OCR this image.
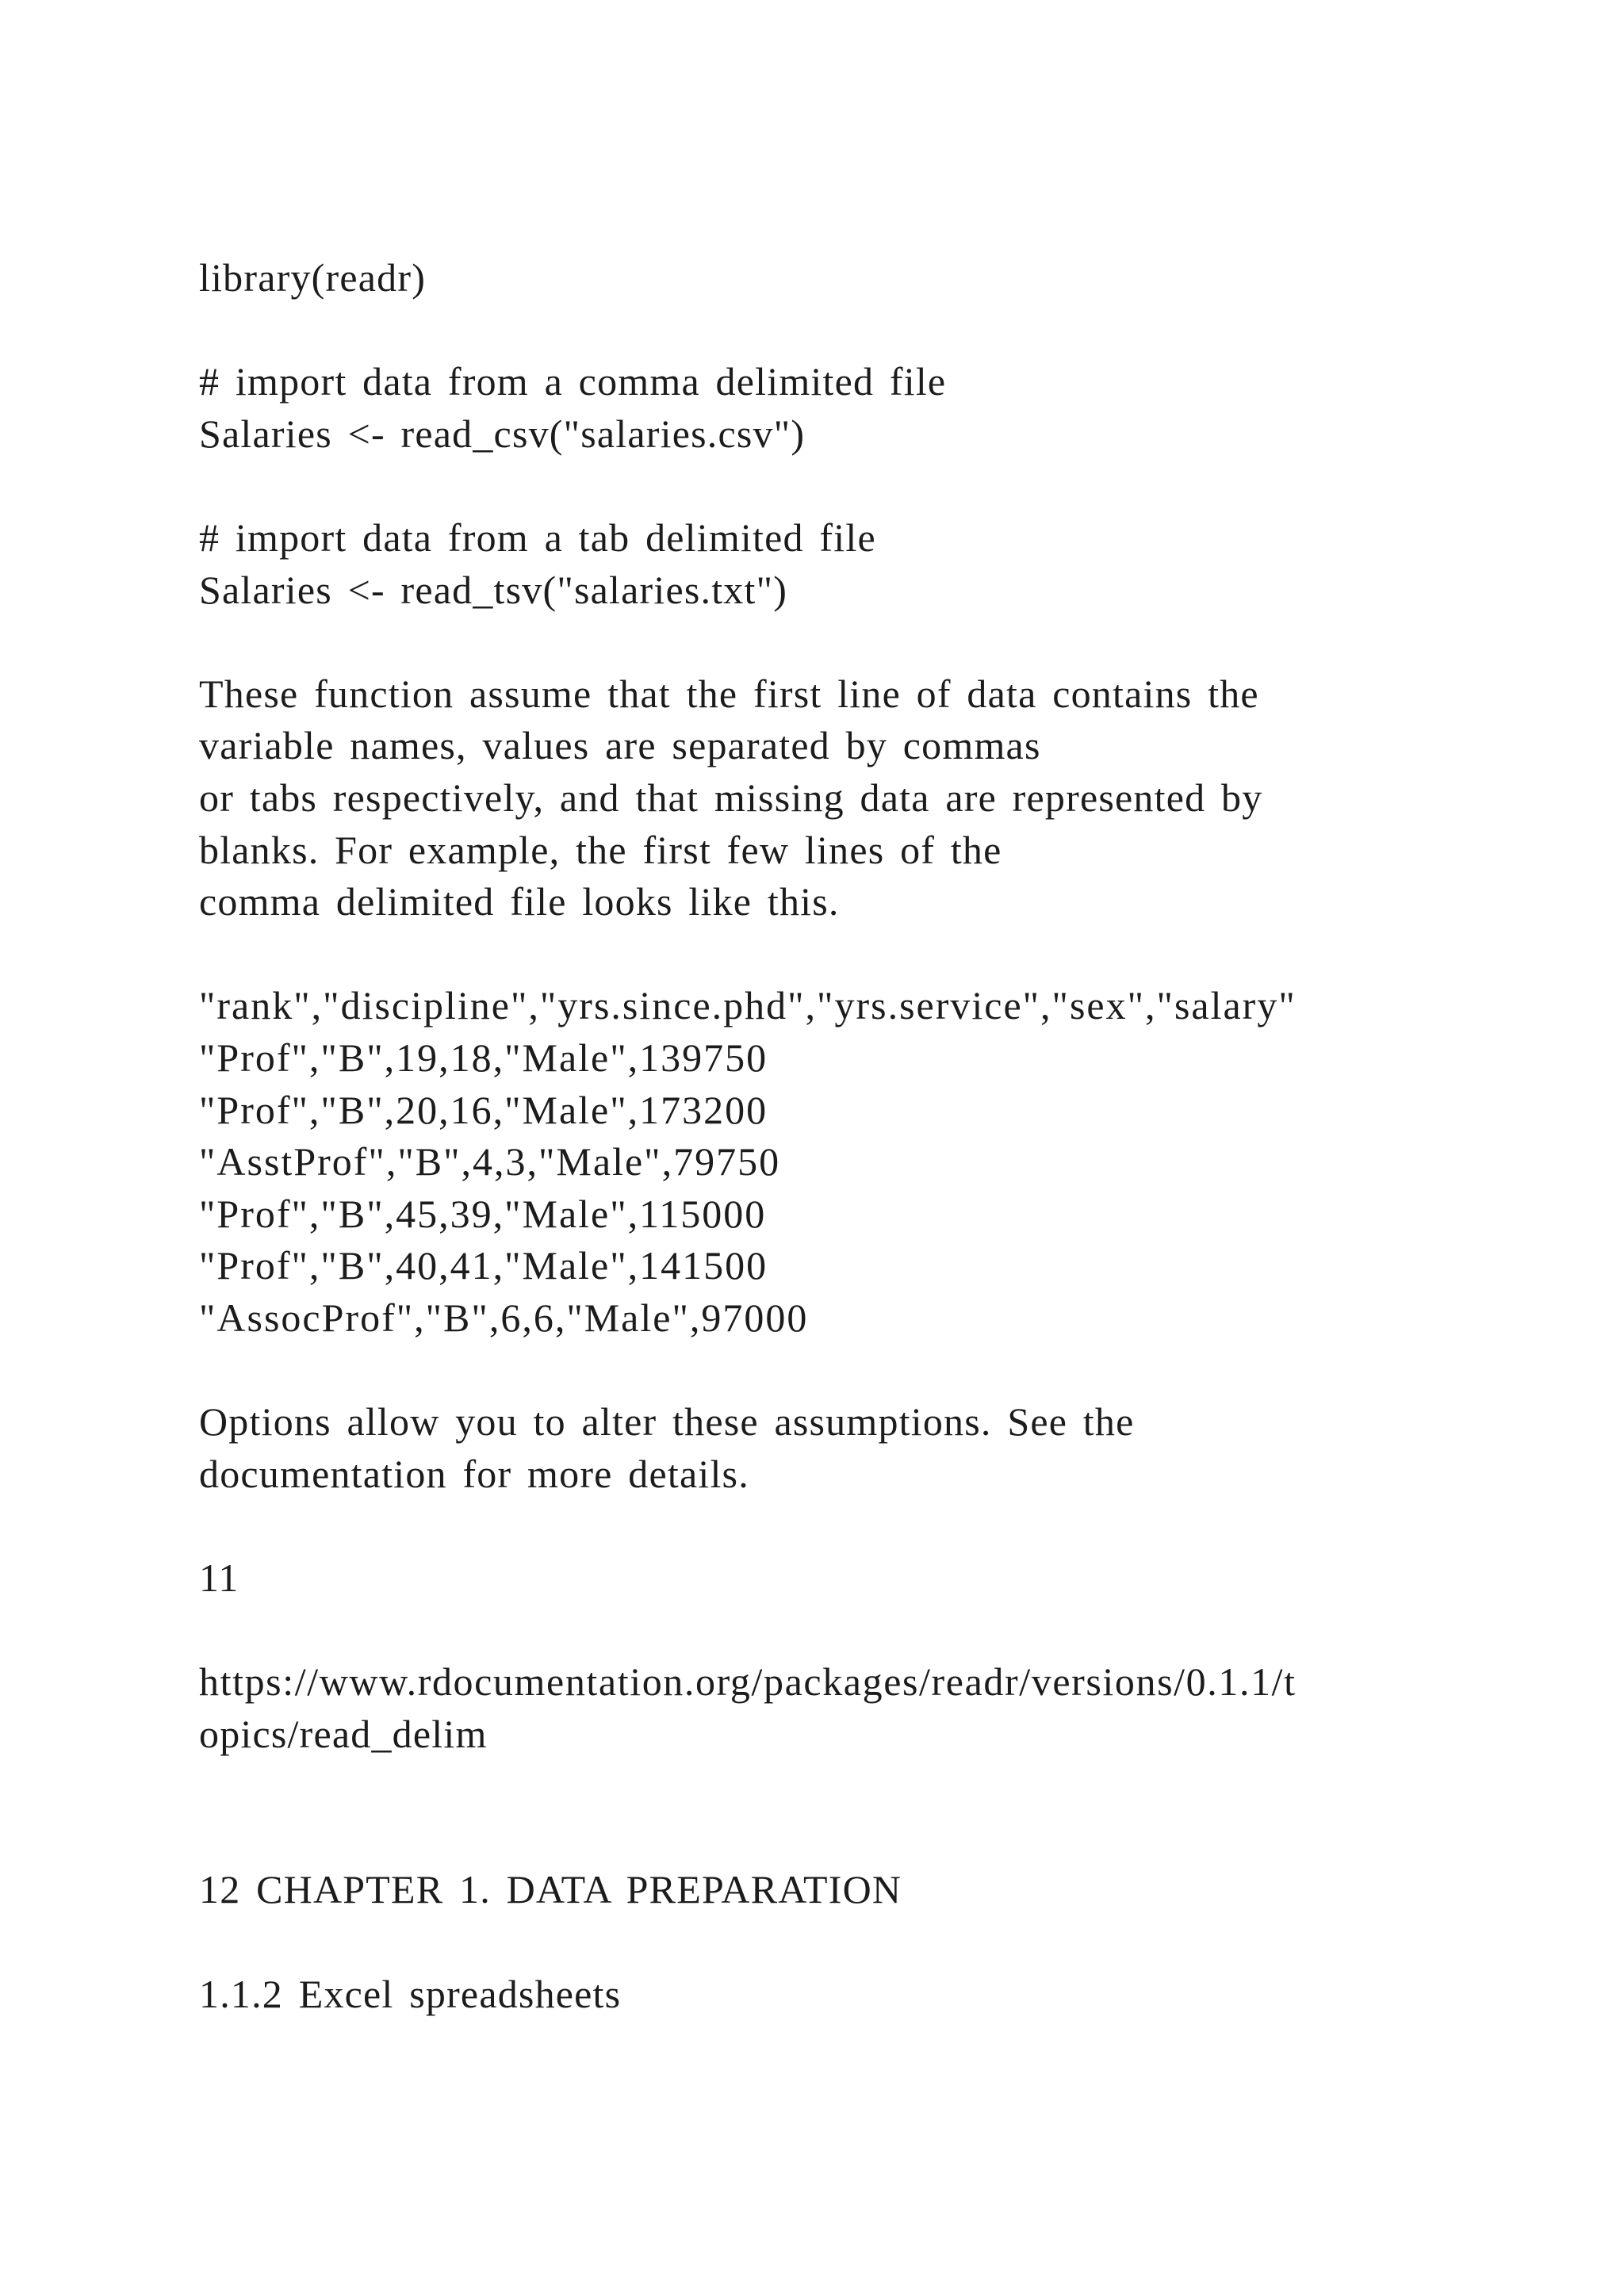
library(readr)
# import data from a comma delimited file
Salaries <- read_csv("salaries.csv")
# import data from a tab delimited file
Salaries <- read_tsv("salaries.txt")
These function assume that the first line of data contains the
variable names, values are separated by commas
or tabs respectively, and that missing data are represented by
blanks. For example, the first few lines of the
comma delimited file looks like this.
"rank","discipline","yrs.since.phd","yrs.service","sex","salary"
"Prof","B",19,18,"Male",139750
"Prof","B",20,16,"Male",173200
"AsstProf","B",4,3,"Male",79750
"Prof","B",45,39,"Male",115000
"Prof","B",40,41,"Male",141500
"AssocProf","B",6,6,"Male",97000
Options allow you to alter these assumptions. See the
documentation for more details.
11
https://www.rdocumentation.org/packages/readr/versions/0.1.1/t
opics/read_delim
12 CHAPTER 1. DATA PREPARATION
1.1.2 Excel spreadsheets
